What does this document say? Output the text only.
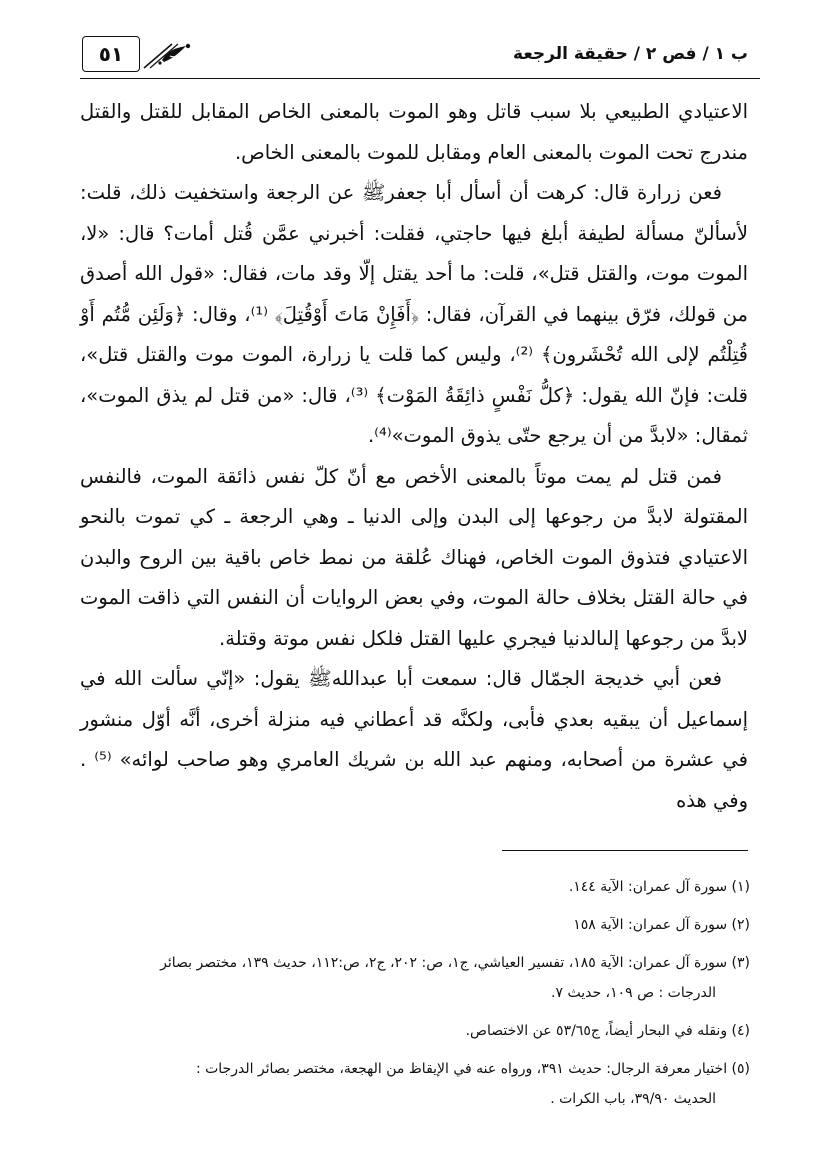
ب ١ / فص ٢ / حقيقة الرجعة
٥١

الاعتيادي الطبيعي بلا سبب قاتل وهو الموت بالمعنى الخاص المقابل للقتل والقتل مندرج تحت الموت بالمعنى العام ومقابل للموت بالمعنى الخاص.

فعن زرارة قال: كرهت أن أسأل أبا جعفرﷺ عن الرجعة واستخفيت ذلك، قلت: لأسألنّ مسألة لطيفة أبلغ فيها حاجتي، فقلت: أخبرني عمَّن قُتل أمات؟ قال: «لا، الموت موت، والقتل قتل»، قلت: ما أحد يقتل إلّا وقد مات، فقال: «قول الله أصدق من قولك، فرّق بينهما في القرآن، فقال: ﴿أَفَإِنْ مَاتَ أَوْقُتِلَ﴾ ⁽¹⁾، وقال: ﴿وَلَئِن مُّتُم أَوْ قُتِلْتُم لإلى الله تُحْشَرون﴾ ⁽²⁾، وليس كما قلت يا زرارة، الموت موت والقتل قتل»، قلت: فإنّ الله يقول: ﴿كلُّ نَفْسٍ ذائِقَةُ المَوْت﴾ ⁽³⁾، قال: «من قتل لم يذق الموت»، ثمقال: «لابدَّ من أن يرجع حتّى يذوق الموت»⁽⁴⁾.

فمن قتل لم يمت موتاً بالمعنى الأخص مع أنّ كلّ نفس ذائقة الموت، فالنفس المقتولة لابدَّ من رجوعها إلى البدن وإلى الدنيا ـ وهي الرجعة ـ كي تموت بالنحو الاعتيادي فتذوق الموت الخاص، فهناك عُلقة من نمط خاص باقية بين الروح والبدن في حالة القتل بخلاف حالة الموت، وفي بعض الروايات أن النفس التي ذاقت الموت لابدَّ من رجوعها إلىالدنيا فيجري عليها القتل فلكل نفس موتة وقتلة.

فعن أبي خديجة الجمّال قال: سمعت أبا عبداللهﷺ يقول: «إنّي سألت الله في إسماعيل أن يبقيه بعدي فأبى، ولكنَّه قد أعطاني فيه منزلة أخرى، أنَّه أوّل منشور في عشرة من أصحابه، ومنهم عبد الله بن شريك العامري وهو صاحب لوائه» ⁽⁵⁾ . وفي هذه

(١) سورة آل عمران: الآية ١٤٤.

(٢) سورة آل عمران: الآية ١٥٨

(٣) سورة آل عمران: الآية ١٨٥، تفسير العياشي، ج١، ص: ٢٠٢، ج٢، ص:١١٢، حديث ١٣٩، مختصر بصائر
الدرجات : ص ١٠٩، حديث ٧.

(٤) ونقله في البحار أيضاً، ج٥٣/٦٥ عن الاختصاص.

(٥) اختيار معرفة الرجال: حديث ٣٩١، ورواه عنه في الإيقاظ من الهجعة، مختصر بصائر الدرجات :
الحديث ٣٩/٩٠، باب الكرات .
